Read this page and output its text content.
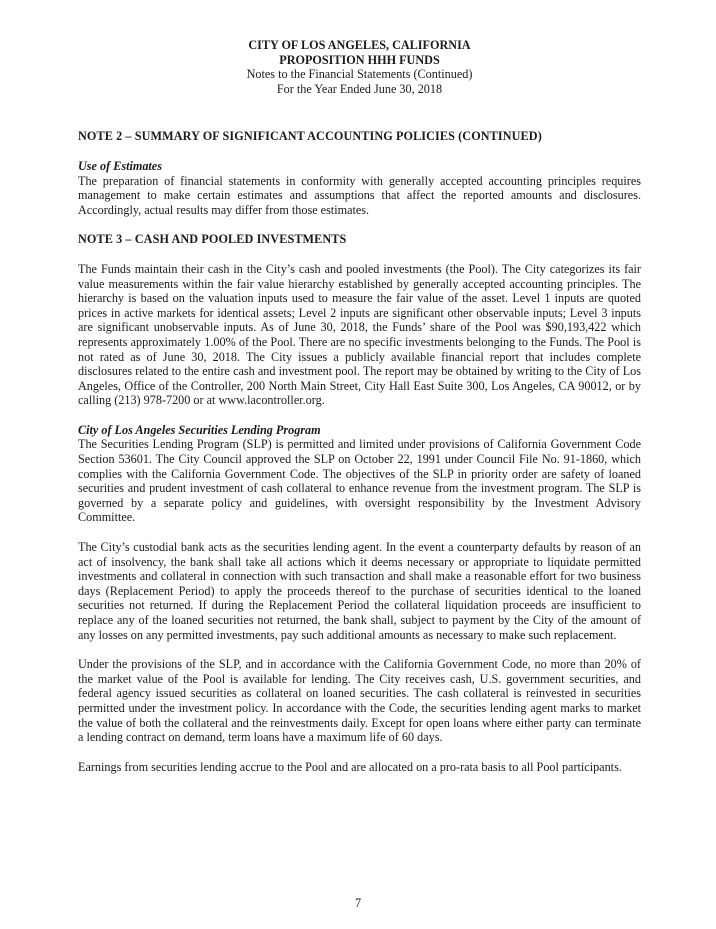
CITY OF LOS ANGELES, CALIFORNIA
PROPOSITION HHH FUNDS
Notes to the Financial Statements (Continued)
For the Year Ended June 30, 2018
NOTE 2 – SUMMARY OF SIGNIFICANT ACCOUNTING POLICIES (CONTINUED)
Use of Estimates

The preparation of financial statements in conformity with generally accepted accounting principles requires management to make certain estimates and assumptions that affect the reported amounts and disclosures. Accordingly, actual results may differ from those estimates.

NOTE 3 – CASH AND POOLED INVESTMENTS

The Funds maintain their cash in the City’s cash and pooled investments (the Pool). The City categorizes its fair value measurements within the fair value hierarchy established by generally accepted accounting principles. The hierarchy is based on the valuation inputs used to measure the fair value of the asset. Level 1 inputs are quoted prices in active markets for identical assets; Level 2 inputs are significant other observable inputs; Level 3 inputs are significant unobservable inputs. As of June 30, 2018, the Funds’ share of the Pool was $90,193,422 which represents approximately 1.00% of the Pool. There are no specific investments belonging to the Funds. The Pool is not rated as of June 30, 2018. The City issues a publicly available financial report that includes complete disclosures related to the entire cash and investment pool. The report may be obtained by writing to the City of Los Angeles, Office of the Controller, 200 North Main Street, City Hall East Suite 300, Los Angeles, CA 90012, or by calling (213) 978-7200 or at www.lacontroller.org.

City of Los Angeles Securities Lending Program

The Securities Lending Program (SLP) is permitted and limited under provisions of California Government Code Section 53601. The City Council approved the SLP on October 22, 1991 under Council File No. 91-1860, which complies with the California Government Code. The objectives of the SLP in priority order are safety of loaned securities and prudent investment of cash collateral to enhance revenue from the investment program. The SLP is governed by a separate policy and guidelines, with oversight responsibility by the Investment Advisory Committee.

The City’s custodial bank acts as the securities lending agent. In the event a counterparty defaults by reason of an act of insolvency, the bank shall take all actions which it deems necessary or appropriate to liquidate permitted investments and collateral in connection with such transaction and shall make a reasonable effort for two business days (Replacement Period) to apply the proceeds thereof to the purchase of securities identical to the loaned securities not returned. If during the Replacement Period the collateral liquidation proceeds are insufficient to replace any of the loaned securities not returned, the bank shall, subject to payment by the City of the amount of any losses on any permitted investments, pay such additional amounts as necessary to make such replacement.

Under the provisions of the SLP, and in accordance with the California Government Code, no more than 20% of the market value of the Pool is available for lending. The City receives cash, U.S. government securities, and federal agency issued securities as collateral on loaned securities. The cash collateral is reinvested in securities permitted under the investment policy. In accordance with the Code, the securities lending agent marks to market the value of both the collateral and the reinvestments daily. Except for open loans where either party can terminate a lending contract on demand, term loans have a maximum life of 60 days.

Earnings from securities lending accrue to the Pool and are allocated on a pro-rata basis to all Pool participants.

7
